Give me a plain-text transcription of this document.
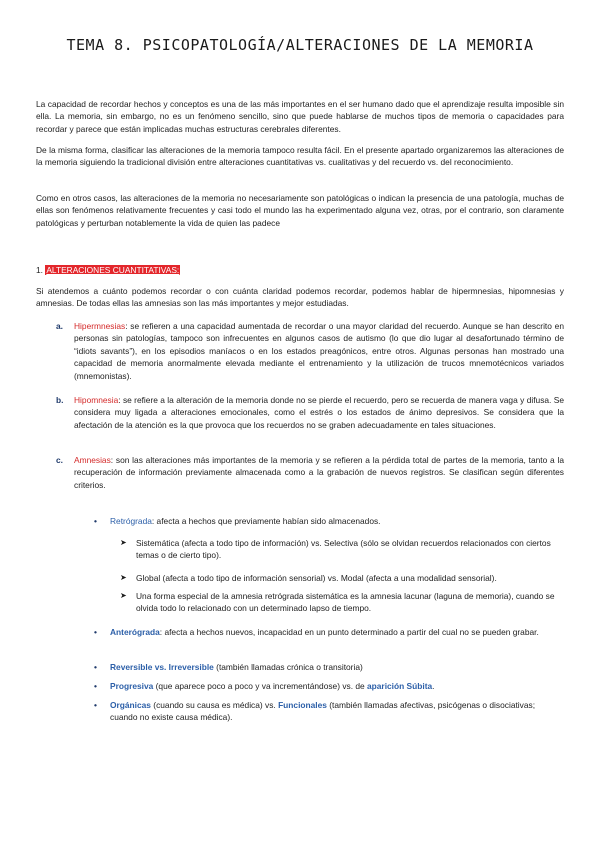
TEMA 8. PSICOPATOLOGÍA/ALTERACIONES DE LA MEMORIA

La capacidad de recordar hechos y conceptos es una de las más importantes en el ser humano dado que el aprendizaje resulta imposible sin ella. La memoria, sin embargo, no es un fenómeno sencillo, sino que puede hablarse de muchos tipos de memoria o capacidades para recordar y parece que están implicadas muchas estructuras cerebrales diferentes.

De la misma forma, clasificar las alteraciones de la memoria tampoco resulta fácil. En el presente apartado organizaremos las alteraciones de la memoria siguiendo la tradicional división entre alteraciones cuantitativas vs. cualitativas y del recuerdo vs. del reconocimiento.

Como en otros casos, las alteraciones de la memoria no necesariamente son patológicas o indican la presencia de una patología, muchas de ellas son fenómenos relativamente frecuentes y casi todo el mundo las ha experimentado alguna vez, otras, por el contrario, son claramente patológicas y perturban notablemente la vida de quien las padece

1. ALTERACIONES CUANTITATIVAS:

Si atendemos a cuánto podemos recordar o con cuánta claridad podemos recordar, podemos hablar de hipermnesias, hipomnesias y amnesias. De todas ellas las amnesias son las más importantes y mejor estudiadas.

a. Hipermnesias: se refieren a una capacidad aumentada de recordar o una mayor claridad del recuerdo. Aunque se han descrito en personas sin patologías, tampoco son infrecuentes en algunos casos de autismo (lo que dio lugar al desafortunado término de “idiots savants”), en los episodios maníacos o en los estados preagónicos, entre otros. Algunas personas han mostrado una capacidad de memoria anormalmente elevada mediante el entrenamiento y la utilización de trucos mnemotécnicos variados (mnemonistas).
b. Hipomnesia: se refiere a la alteración de la memoria donde no se pierde el recuerdo, pero se recuerda de manera vaga y difusa. Se considera muy ligada a alteraciones emocionales, como el estrés o los estados de ánimo depresivos. Se considera que la afectación de la atención es la que provoca que los recuerdos no se graben adecuadamente en tales situaciones.
c. Amnesias: son las alteraciones más importantes de la memoria y se refieren a la pérdida total de partes de la memoria, tanto a la recuperación de información previamente almacenada como a la grabación de nuevos registros. Se clasifican según diferentes criterios.
• Retrógrada: afecta a hechos que previamente habían sido almacenados.
➤ Sistemática (afecta a todo tipo de información) vs. Selectiva (sólo se olvidan recuerdos relacionados con ciertos temas o de cierto tipo).
➤ Global (afecta a todo tipo de información sensorial) vs. Modal (afecta a una modalidad sensorial).
➤ Una forma especial de la amnesia retrógrada sistemática es la amnesia lacunar (laguna de memoria), cuando se olvida todo lo relacionado con un determinado lapso de tiempo.
• Anterógrada: afecta a hechos nuevos, incapacidad en un punto determinado a partir del cual no se pueden grabar.
• Reversible vs. Irreversible (también llamadas crónica o transitoria)
• Progresiva (que aparece poco a poco y va incrementándose) vs. de aparición Súbita.
• Orgánicas (cuando su causa es médica) vs. Funcionales (también llamadas afectivas, psicógenas o disociativas; cuando no existe causa médica).
